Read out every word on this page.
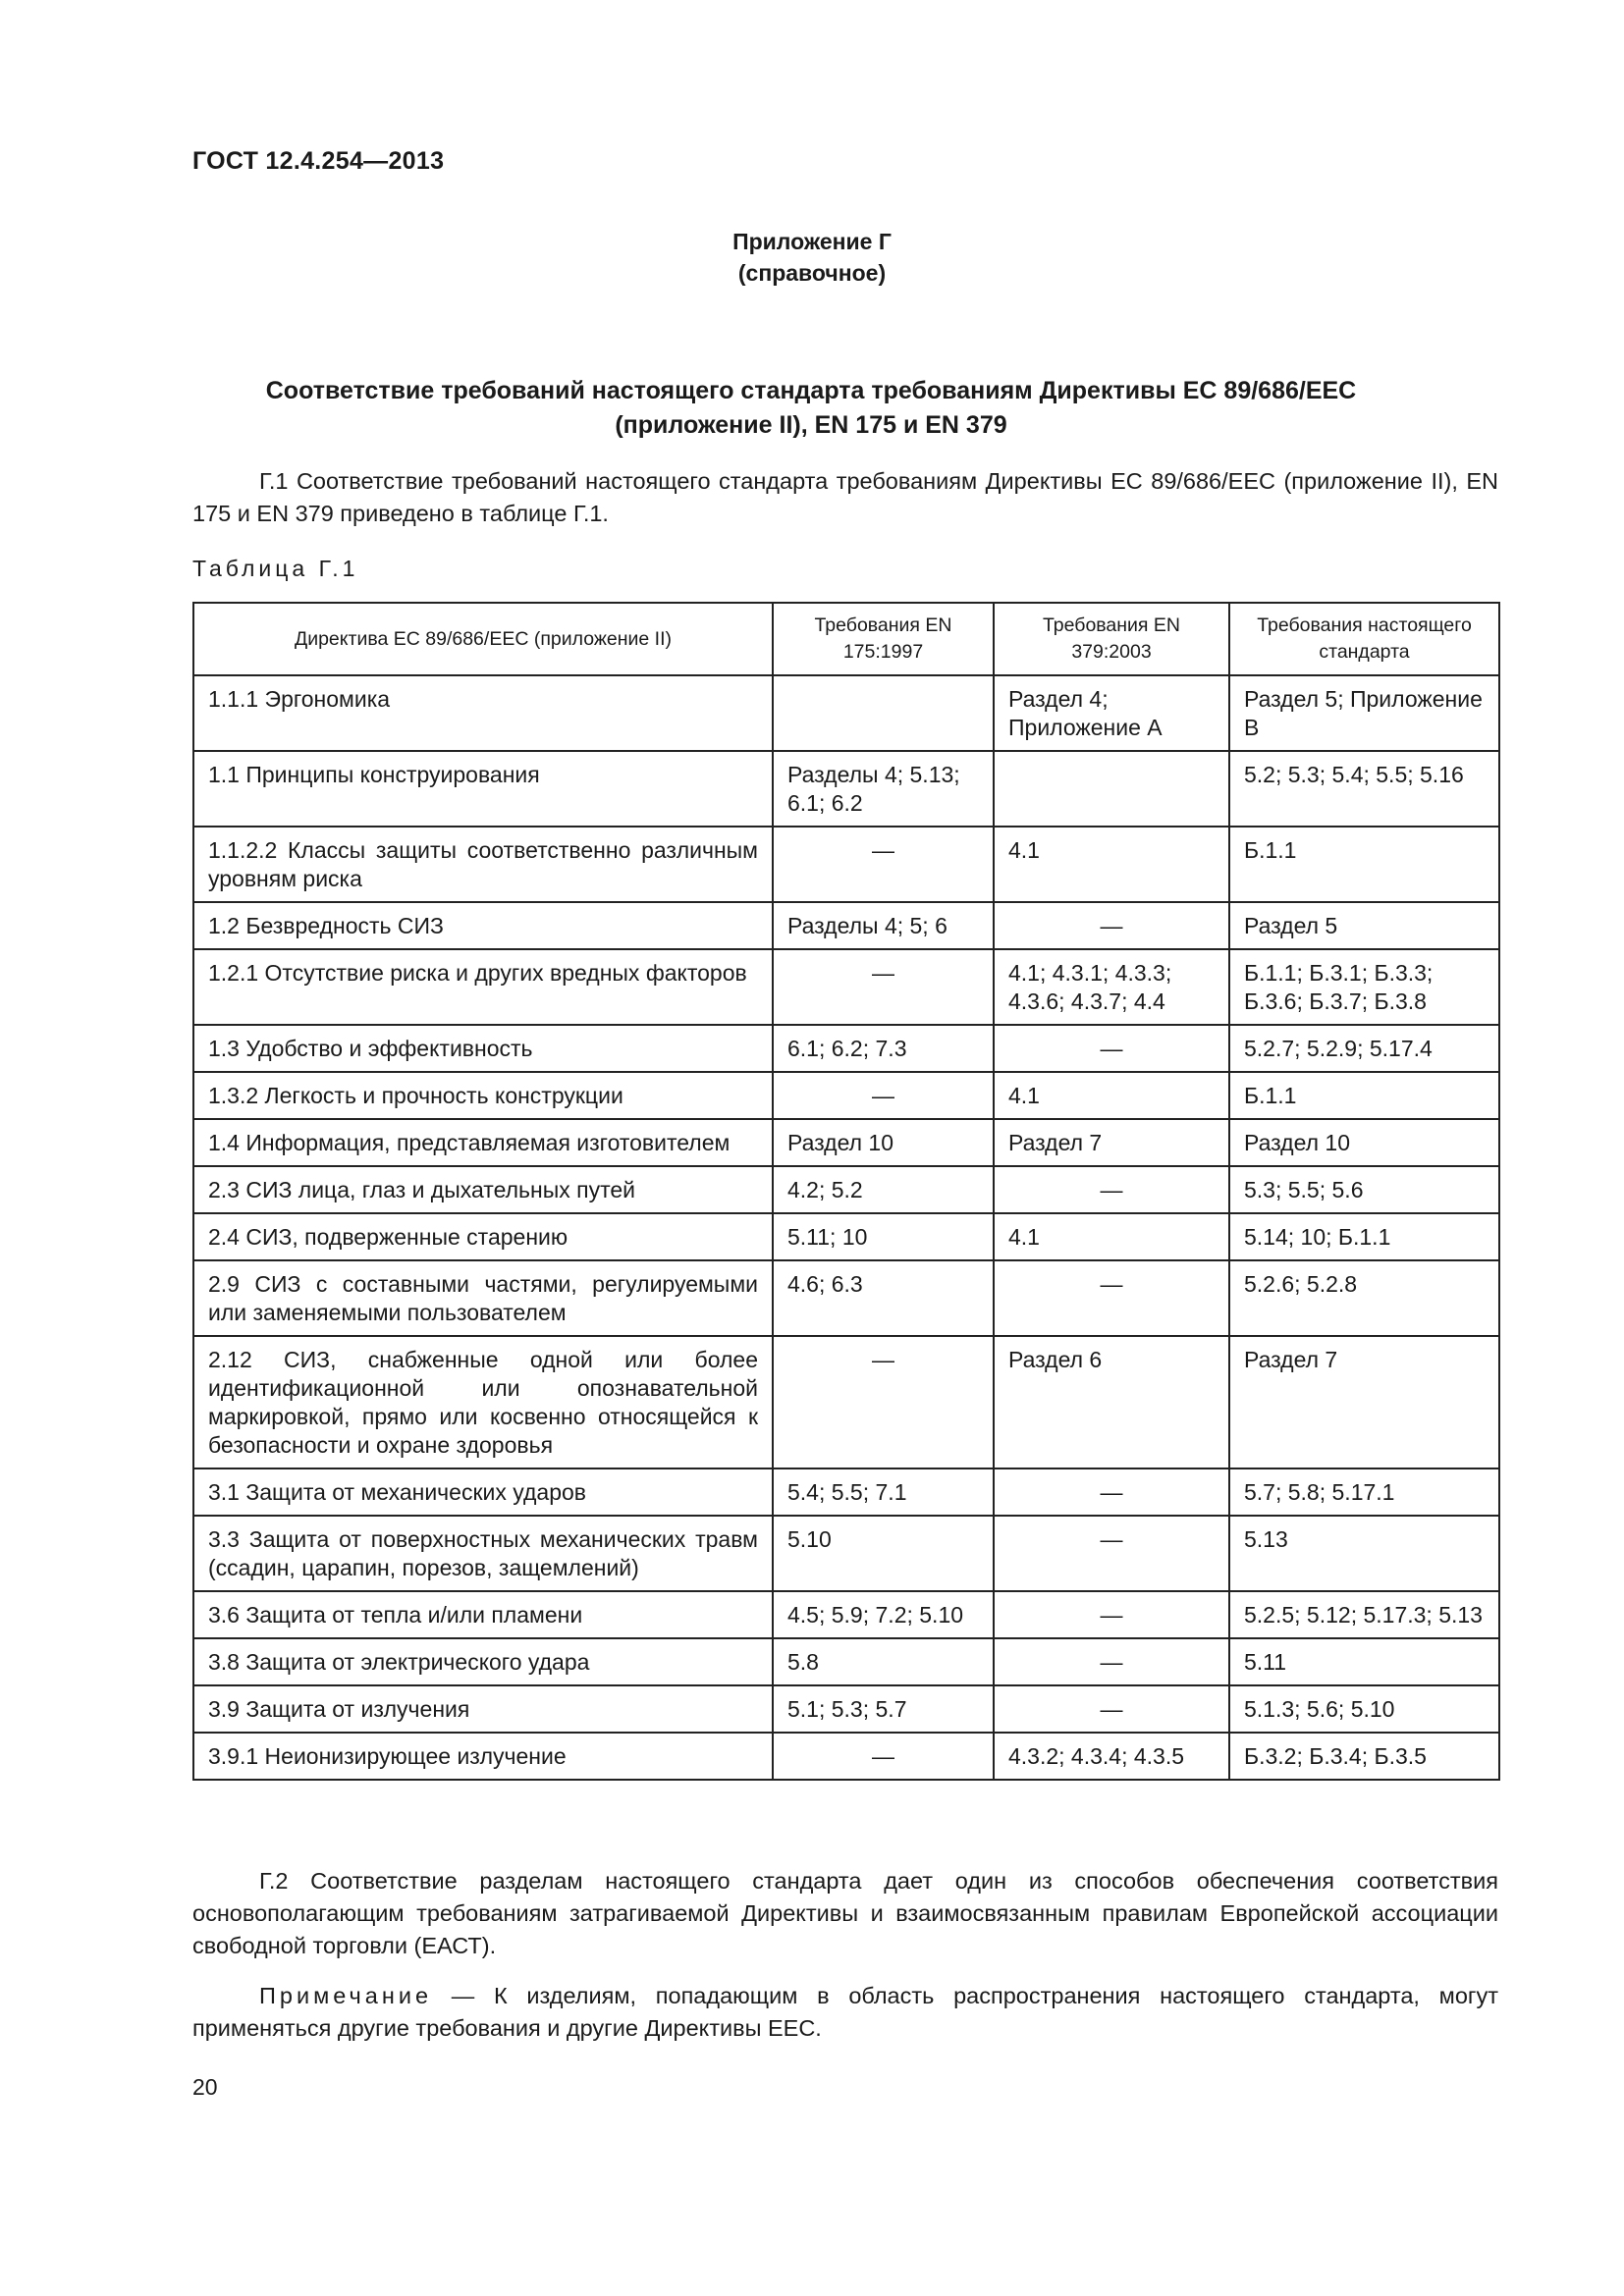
ГОСТ 12.4.254—2013
Приложение Г
(справочное)
Соответствие требований настоящего стандарта требованиям Директивы ЕС 89/686/EEC
(приложение II), EN 175 и EN 379

Г.1 Соответствие требований настоящего стандарта требованиям Директивы ЕС 89/686/EEC (приложение II), EN 175 и EN 379 приведено в таблице Г.1.

Таблица Г.1
Директива ЕС 89/686/EEC (приложение II)	Требования EN 175:1997	Требования EN 379:2003	Требования настоящего стандарта
1.1.1 Эргономика		Раздел 4; Приложение А	Раздел 5; Приложение В
1.1 Принципы конструирования	Разделы 4; 5.13; 6.1; 6.2		5.2; 5.3; 5.4; 5.5; 5.16
1.1.2.2 Классы защиты соответственно различным уровням риска	—	4.1	Б.1.1
1.2 Безвредность СИЗ	Разделы 4; 5; 6	—	Раздел 5
1.2.1 Отсутствие риска и других вредных факторов	—	4.1; 4.3.1; 4.3.3; 4.3.6; 4.3.7; 4.4	Б.1.1; Б.3.1; Б.3.3; Б.3.6; Б.3.7; Б.3.8
1.3 Удобство и эффективность	6.1; 6.2; 7.3	—	5.2.7; 5.2.9; 5.17.4
1.3.2 Легкость и прочность конструкции	—	4.1	Б.1.1
1.4 Информация, представляемая изготовителем	Раздел 10	Раздел 7	Раздел 10
2.3 СИЗ лица, глаз и дыхательных путей	4.2; 5.2	—	5.3; 5.5; 5.6
2.4 СИЗ, подверженные старению	5.11; 10	4.1	5.14; 10; Б.1.1
2.9 СИЗ с составными частями, регулируемыми или заменяемыми пользователем	4.6; 6.3	—	5.2.6; 5.2.8
2.12 СИЗ, снабженные одной или более идентификационной или опознавательной маркировкой, прямо или косвенно относящейся к безопасности и охране здоровья	—	Раздел 6	Раздел 7
3.1 Защита от механических ударов	5.4; 5.5; 7.1	—	5.7; 5.8; 5.17.1
3.3 Защита от поверхностных механических травм (ссадин, царапин, порезов, защемлений)	5.10	—	5.13
3.6 Защита от тепла и/или пламени	4.5; 5.9; 7.2; 5.10	—	5.2.5; 5.12; 5.17.3; 5.13
3.8 Защита от электрического удара	5.8	—	5.11
3.9 Защита от излучения	5.1; 5.3; 5.7	—	5.1.3; 5.6; 5.10
3.9.1 Неионизирующее излучение	—	4.3.2; 4.3.4; 4.3.5	Б.3.2; Б.3.4; Б.3.5

Г.2 Соответствие разделам настоящего стандарта дает один из способов обеспечения соответствия основополагающим требованиям затрагиваемой Директивы и взаимосвязанным правилам Европейской ассоциации свободной торговли (ЕАСТ).

Примечание — К изделиям, попадающим в область распространения настоящего стандарта, могут применяться другие требования и другие Директивы EEC.

20
